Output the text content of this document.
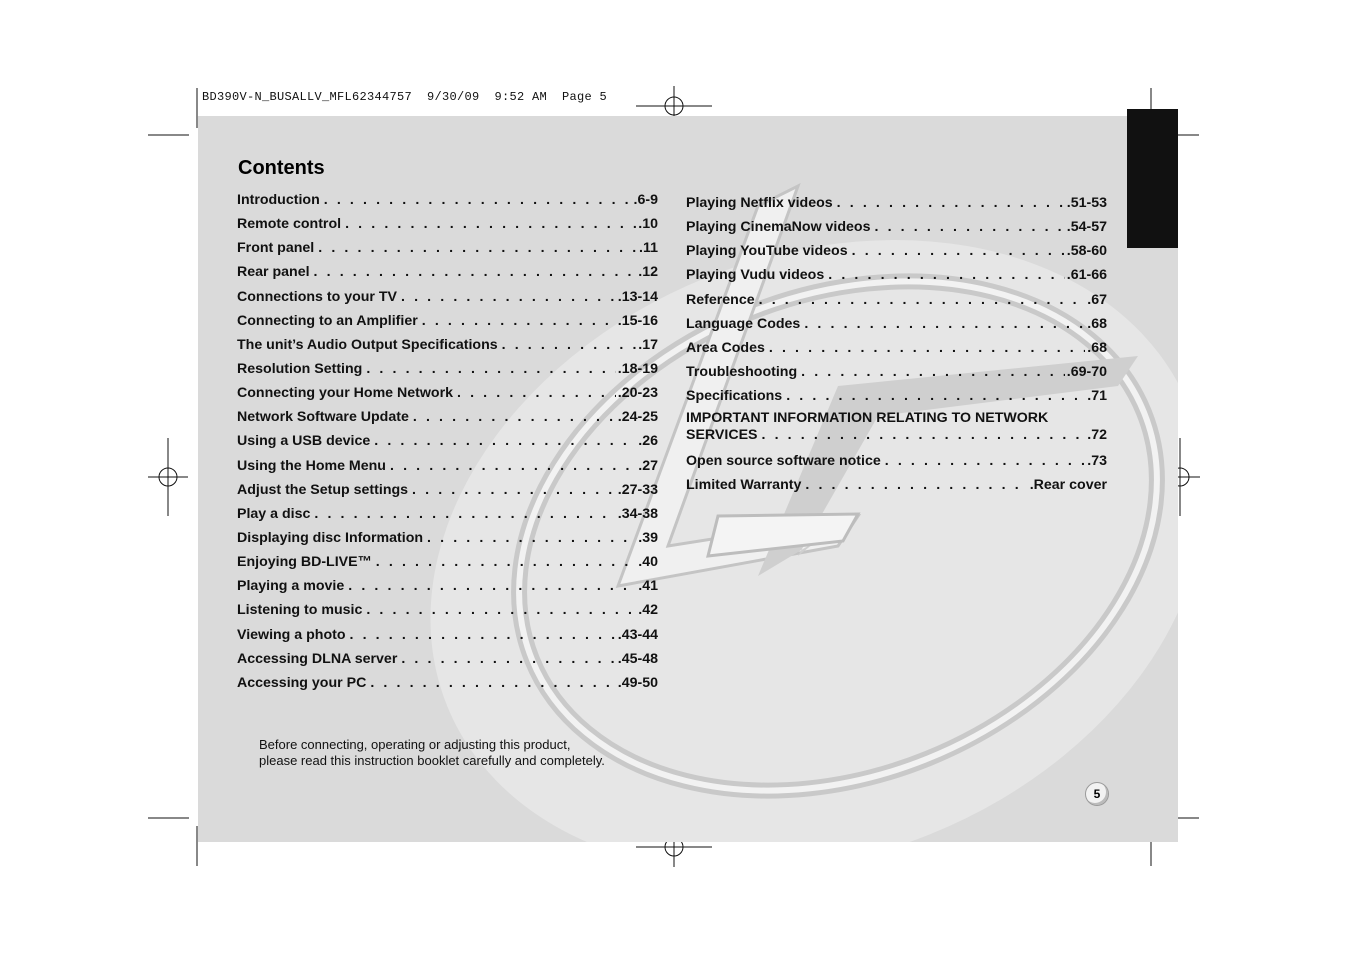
BD390V-N_BUSALLV_MFL62344757  9/30/09  9:52 AM  Page 5
Contents
Introduction . . .	.6-9
Remote control . . .	.10
Front panel . . .	.11
Rear panel . . .	.12
Connections to your TV . . .	.13-14
Connecting to an Amplifier . . .	.15-16
The unit’s Audio Output Specifications . . .	.17
Resolution Setting . . .	.18-19
Connecting your Home Network . . .	.20-23
Network Software Update . . .	.24-25
Using a USB device . . .	.26
Using the Home Menu . . .	.27
Adjust the Setup settings . . .	.27-33
Play a disc . . .	.34-38
Displaying disc Information . . .	.39
Enjoying BD-LIVE™ . . .	.40
Playing a movie . . .	.41
Listening to music . . .	.42
Viewing a photo . . .	.43-44
Accessing DLNA server . . .	.45-48
Accessing your PC . . .	.49-50
Playing Netflix videos . . .	.51-53
Playing CinemaNow videos . . .	.54-57
Playing YouTube videos . . .	.58-60
Playing Vudu videos . . .	.61-66
Reference . . .	.67
Language Codes . . .	.68
Area Codes . . .	.68
Troubleshooting . . .	.69-70
Specifications . . .	.71
IMPORTANT INFORMATION RELATING TO NETWORK
SERVICES . . .	.72
Open source software notice . . .	.73
Limited Warranty . . .	.Rear cover
Before connecting, operating or adjusting this product,
please read this instruction booklet carefully and completely.
5
